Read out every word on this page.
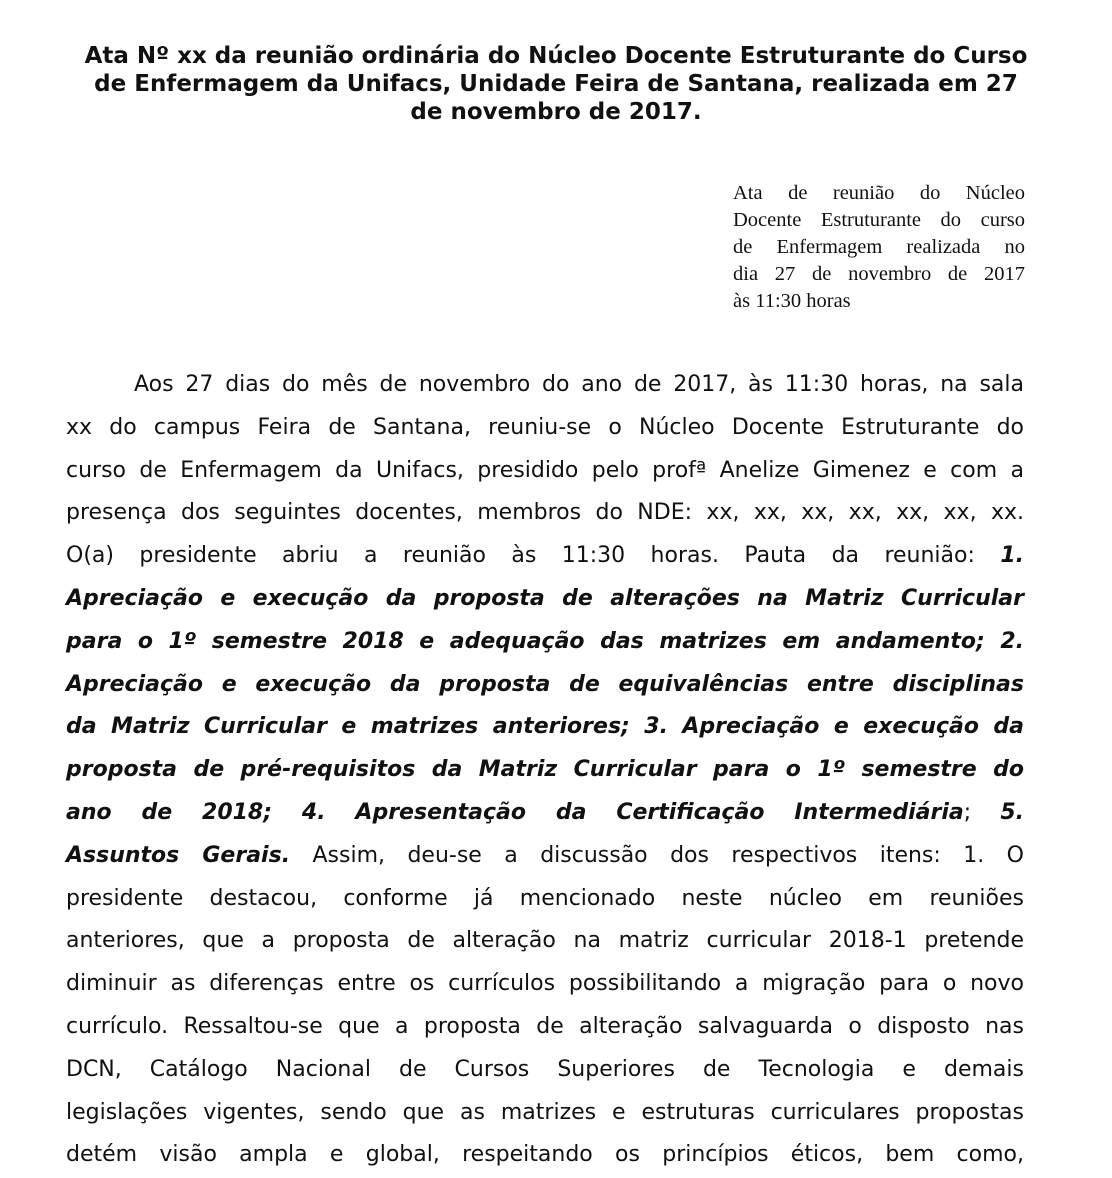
Ata Nº xx da reunião ordinária do Núcleo Docente Estruturante do Curso
de Enfermagem da Unifacs, Unidade Feira de Santana, realizada em 27
de novembro de 2017.
Ata de reunião do Núcleo
Docente Estruturante do curso
de Enfermagem realizada no
dia 27 de novembro de 2017
às 11:30 horas
Aos 27 dias do mês de novembro do ano de 2017, às 11:30 horas, na sala
xx do campus Feira de Santana, reuniu-se o Núcleo Docente Estruturante do
curso de Enfermagem da Unifacs, presidido pelo profª Anelize Gimenez e com a
presença dos seguintes docentes, membros do NDE: xx, xx, xx, xx, xx, xx, xx.
O(a) presidente abriu a reunião às 11:30 horas. Pauta da reunião: 1.
Apreciação e execução da proposta de alterações na Matriz Curricular
para o 1º semestre 2018 e adequação das matrizes em andamento; 2.
Apreciação e execução da proposta de equivalências entre disciplinas
da Matriz Curricular e matrizes anteriores; 3. Apreciação e execução da
proposta de pré-requisitos da Matriz Curricular para o 1º semestre do
ano de 2018; 4. Apresentação da Certificação Intermediária; 5.
Assuntos Gerais. Assim, deu-se a discussão dos respectivos itens: 1. O
presidente destacou, conforme já mencionado neste núcleo em reuniões
anteriores, que a proposta de alteração na matriz curricular 2018-1 pretende
diminuir as diferenças entre os currículos possibilitando a migração para o novo
currículo. Ressaltou-se que a proposta de alteração salvaguarda o disposto nas
DCN, Catálogo Nacional de Cursos Superiores de Tecnologia e demais
legislações vigentes, sendo que as matrizes e estruturas curriculares propostas
detém visão ampla e global, respeitando os princípios éticos, bem como,
